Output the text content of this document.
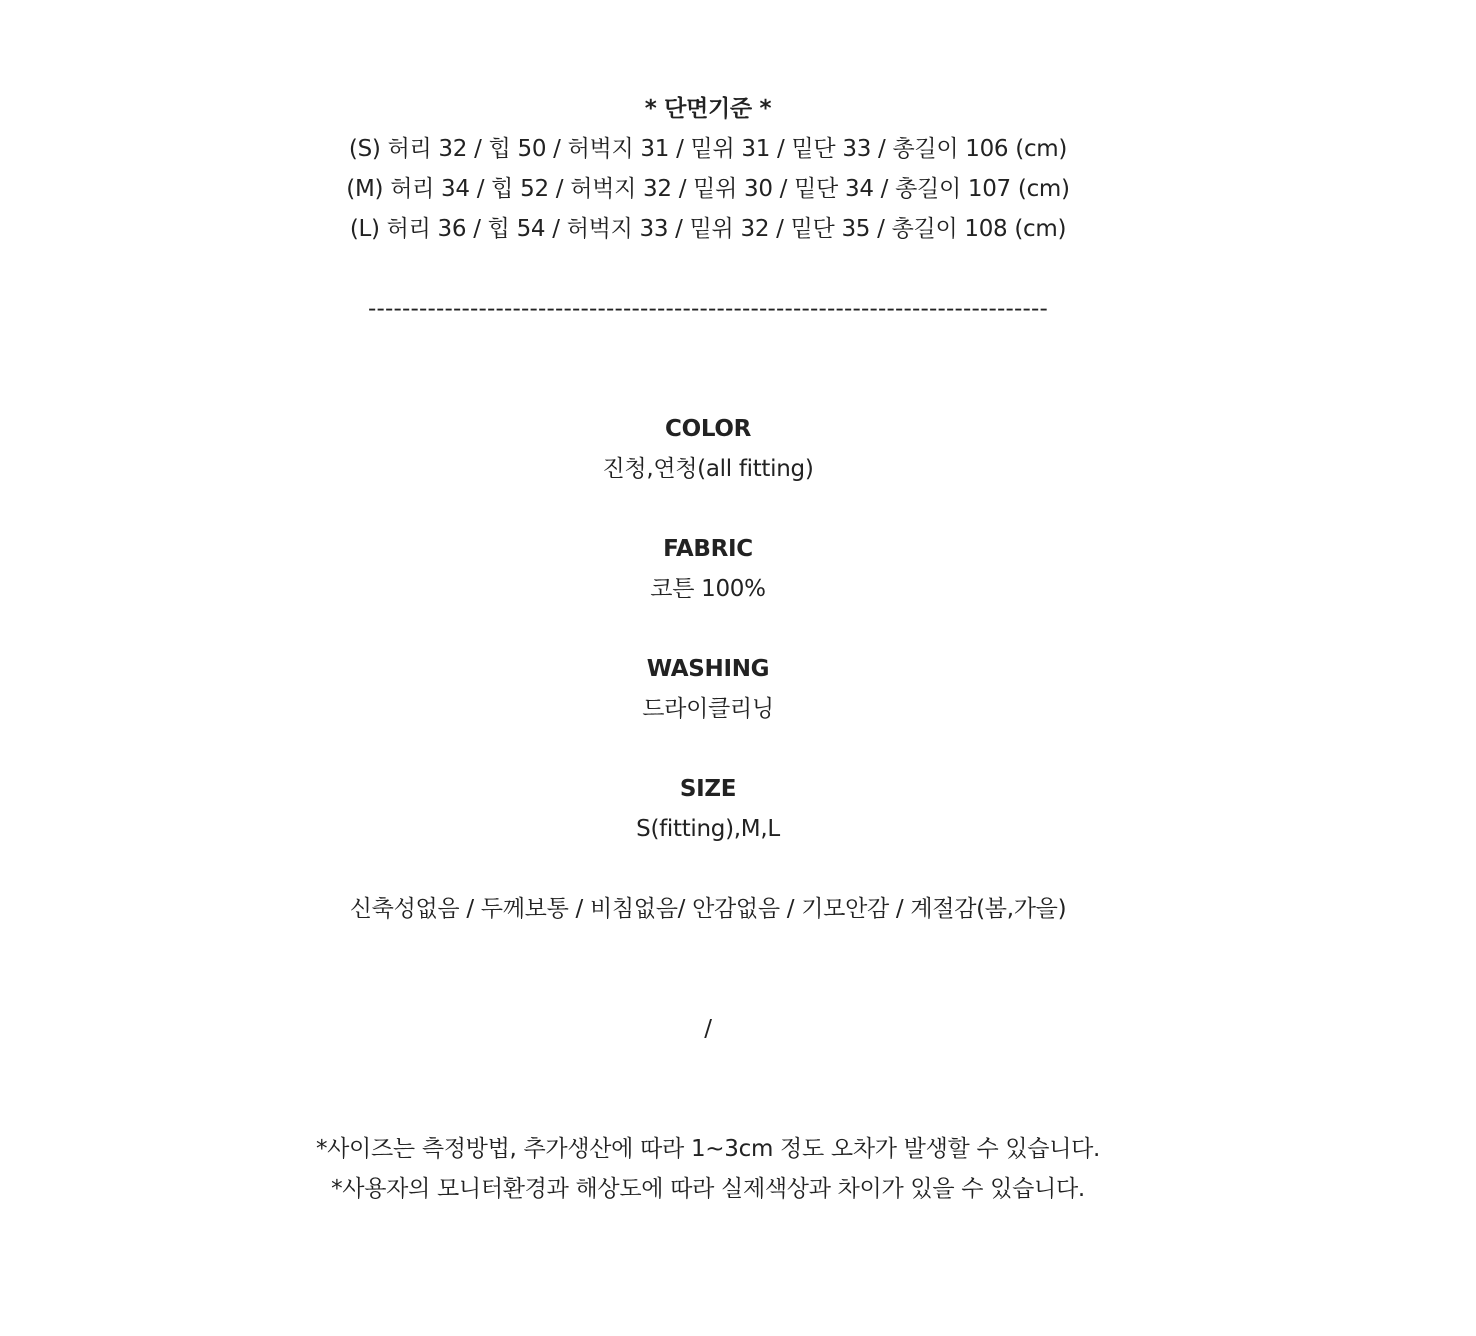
* 단면기준 *
(S) 허리 32 / 힙 50 / 허벅지 31 / 밑위 31 / 밑단 33 / 총길이 106 (cm)
(M) 허리 34 / 힙 52 / 허벅지 32 / 밑위 30 / 밑단 34 / 총길이 107 (cm)
(L) 허리 36 / 힙 54 / 허벅지 33 / 밑위 32 / 밑단 35 / 총길이 108 (cm)
--------------------------------------------------------------------------------
COLOR
진청,연청(all fitting)
FABRIC
코튼 100%
WASHING
드라이클리닝
SIZE
S(fitting),M,L
신축성없음 / 두께보통 / 비침없음/ 안감없음 / 기모안감 / 계절감(봄,가을)
/
*사이즈는 측정방법, 추가생산에 따라 1~3cm 정도 오차가 발생할 수 있습니다.
*사용자의 모니터환경과 해상도에 따라 실제색상과 차이가 있을 수 있습니다.
